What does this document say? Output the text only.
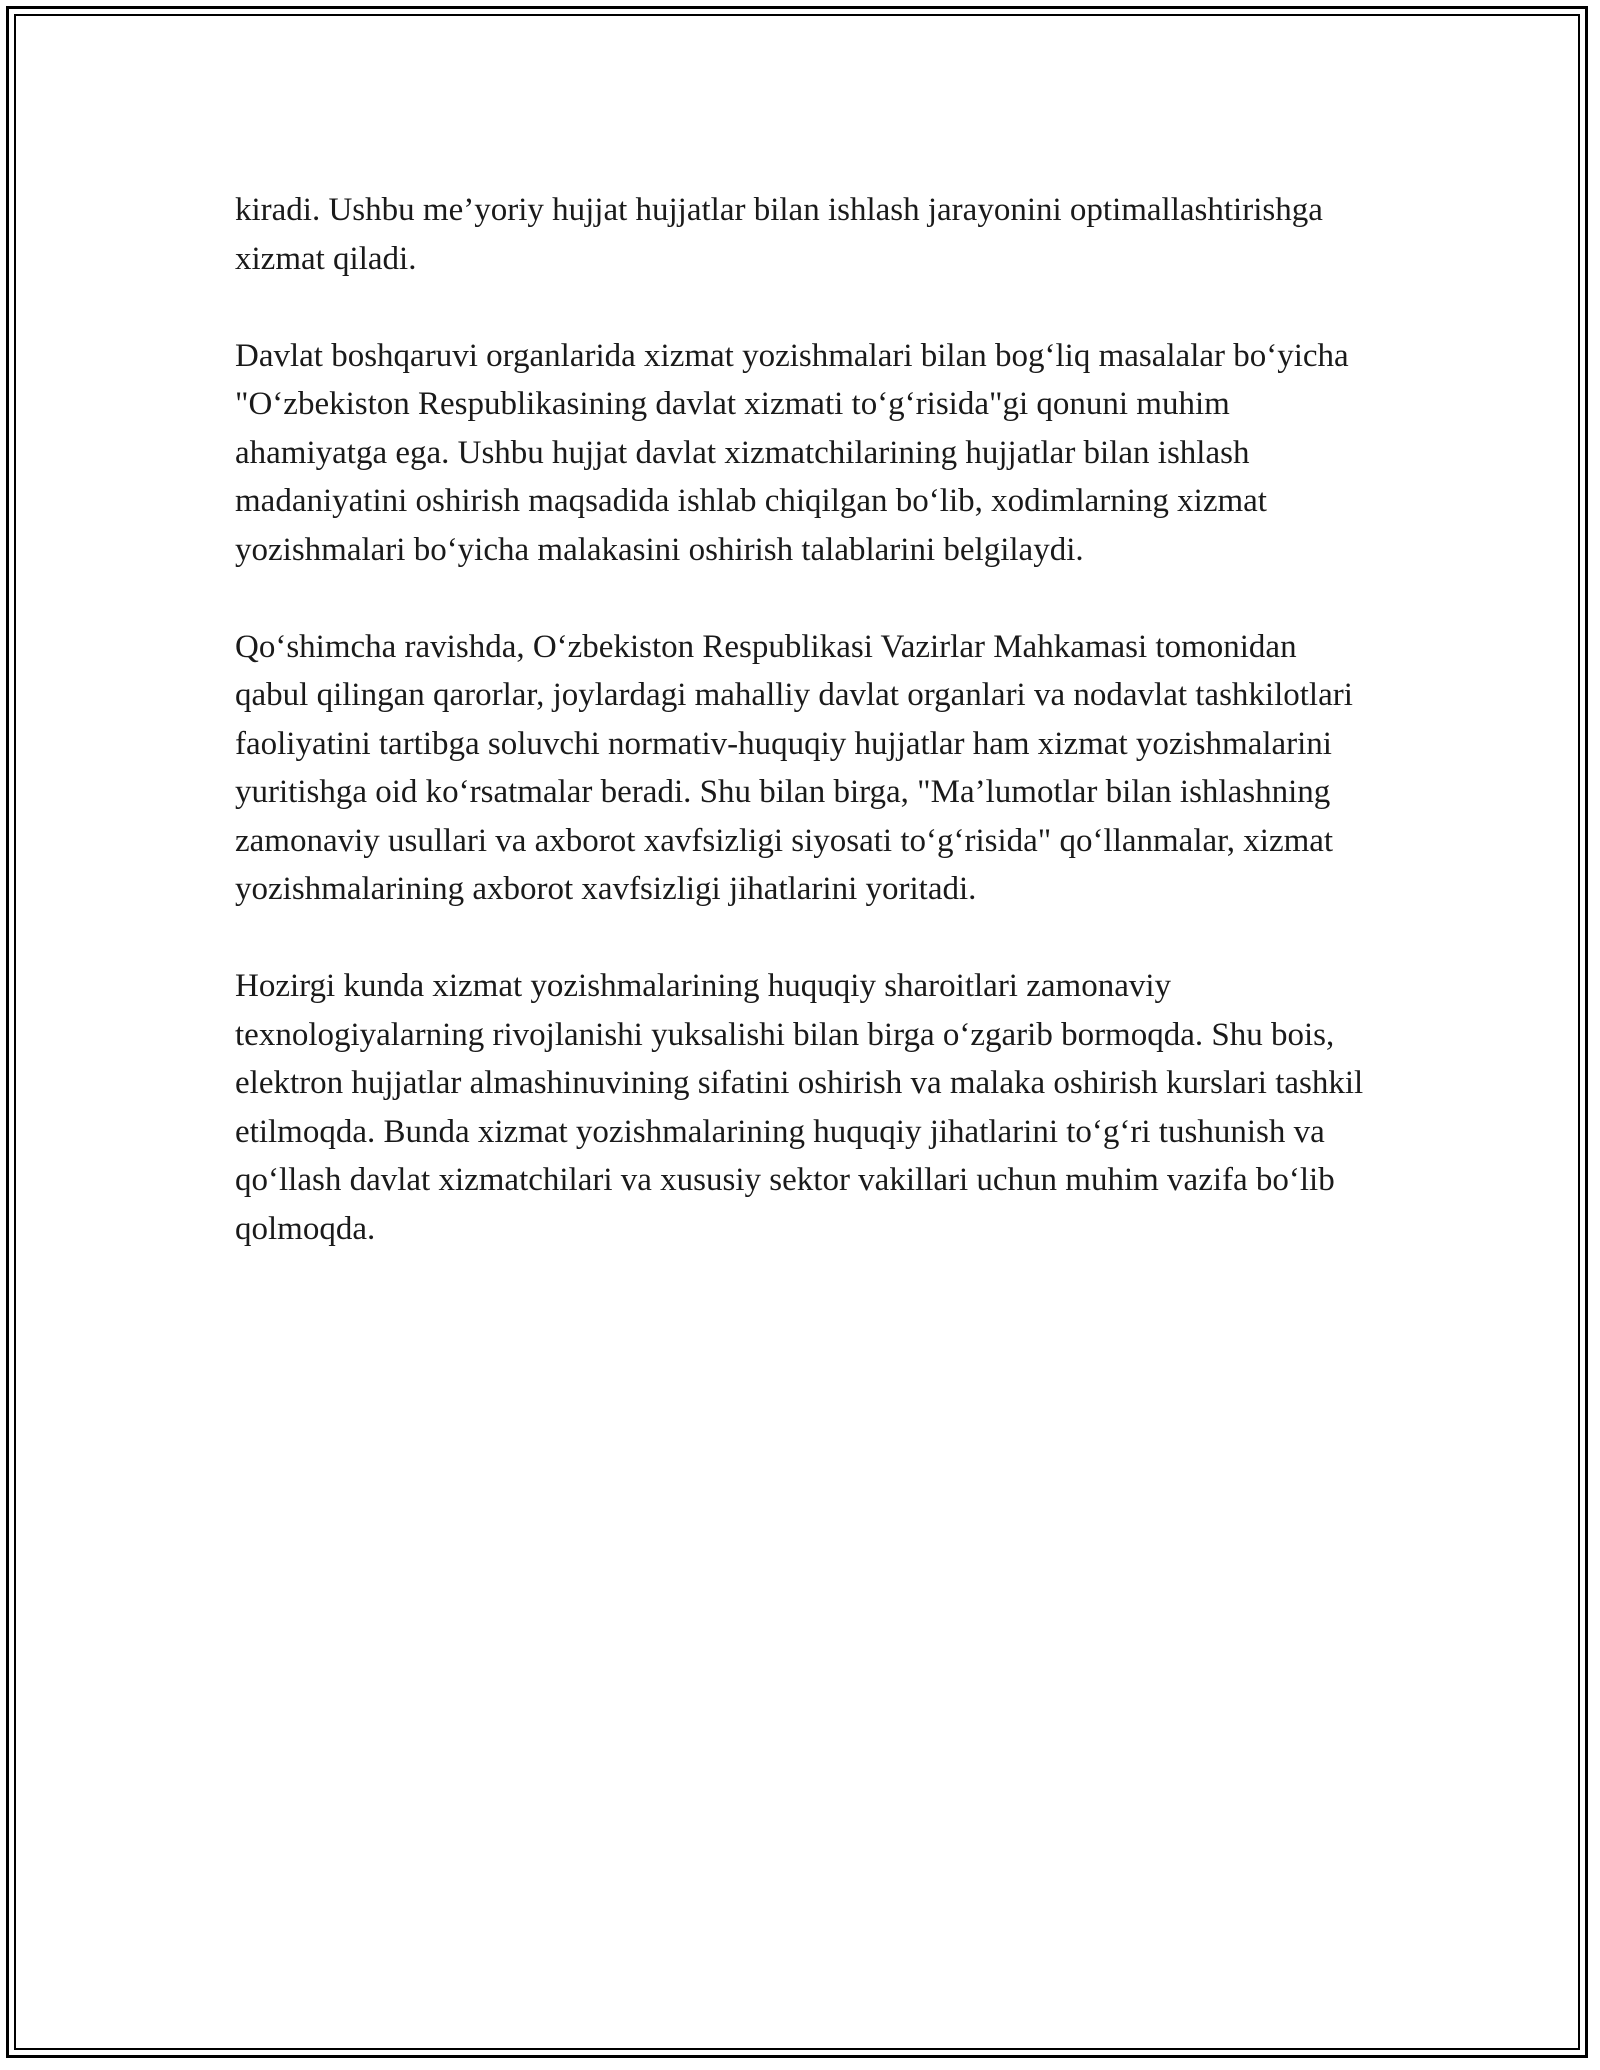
kiradi. Ushbu me’yoriy hujjat hujjatlar bilan ishlash jarayonini optimallashtirishga xizmat qiladi.

Davlat boshqaruvi organlarida xizmat yozishmalari bilan bog‘liq masalalar bo‘yicha "O‘zbekiston Respublikasining davlat xizmati to‘g‘risida"gi qonuni muhim ahamiyatga ega. Ushbu hujjat davlat xizmatchilarining hujjatlar bilan ishlash madaniyatini oshirish maqsadida ishlab chiqilgan bo‘lib, xodimlarning xizmat yozishmalari bo‘yicha malakasini oshirish talablarini belgilaydi.

Qo‘shimcha ravishda, O‘zbekiston Respublikasi Vazirlar Mahkamasi tomonidan qabul qilingan qarorlar, joylardagi mahalliy davlat organlari va nodavlat tashkilotlari faoliyatini tartibga soluvchi normativ-huquqiy hujjatlar ham xizmat yozishmalarini yuritishga oid ko‘rsatmalar beradi. Shu bilan birga, "Ma’lumotlar bilan ishlashning zamonaviy usullari va axborot xavfsizligi siyosati to‘g‘risida" qo‘llanmalar, xizmat yozishmalarining axborot xavfsizligi jihatlarini yoritadi.

Hozirgi kunda xizmat yozishmalarining huquqiy sharoitlari zamonaviy texnologiyalarning rivojlanishi yuksalishi bilan birga o‘zgarib bormoqda. Shu bois, elektron hujjatlar almashinuvining sifatini oshirish va malaka oshirish kurslari tashkil etilmoqda. Bunda xizmat yozishmalarining huquqiy jihatlarini to‘g‘ri tushunish va qo‘llash davlat xizmatchilari va xususiy sektor vakillari uchun muhim vazifa bo‘lib qolmoqda.
